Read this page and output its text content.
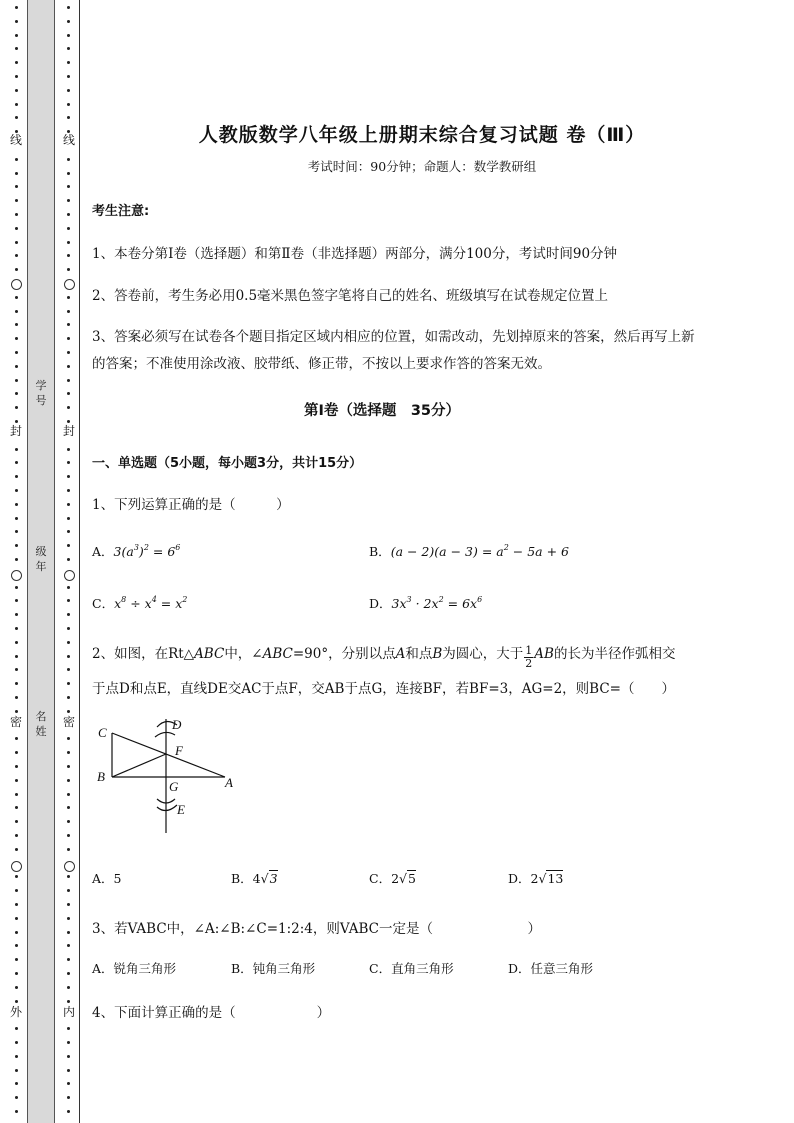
线
封
密
外
线
封
密
内
学号
级年
名姓
人教版数学八年级上册期末综合复习试题 卷（Ⅲ）
考试时间：90分钟；命题人：数学教研组
考生注意:
1、本卷分第Ⅰ卷（选择题）和第Ⅱ卷（非选择题）两部分，满分100分，考试时间90分钟
2、答卷前，考生务必用0.5毫米黑色签字笔将自己的姓名、班级填写在试卷规定位置上
3、答案必须写在试卷各个题目指定区域内相应的位置，如需改动，先划掉原来的答案，然后再写上新
的答案；不准使用涂改液、胶带纸、修正带，不按以上要求作答的答案无效。
第Ⅰ卷（选择题　35分）
一、单选题（5小题，每小题3分，共计15分）
1、下列运算正确的是（　　　）
A．$3(a^3)^2 = 6^6$	B．$(a - 2)(a - 3) = a^2 - 5a + 6$
C．$x^8 \div x^4 = x^2$	D．$3x^3 \cdot 2x^2 = 6x^6$
2、如图，在Rt△ABC中，∠ABC=90°，分别以点A和点B为圆心，大于 $\frac{1}{2}$ AB的长为半径作弧相交
于点D和点E，直线DE交AC于点F，交AB于点G，连接BF，若BF=3，AG=2，则BC=（　　）
C
B	A
D
F
G
E
A．5	B．4√3	C．2√5	D．2√13
3、若VABC中，∠A:∠B:∠C=1:2:4，则VABC一定是（　　　　　　　）
A．锐角三角形	B．钝角三角形	C．直角三角形	D．任意三角形
4、下面计算正确的是（　　　　　　）
